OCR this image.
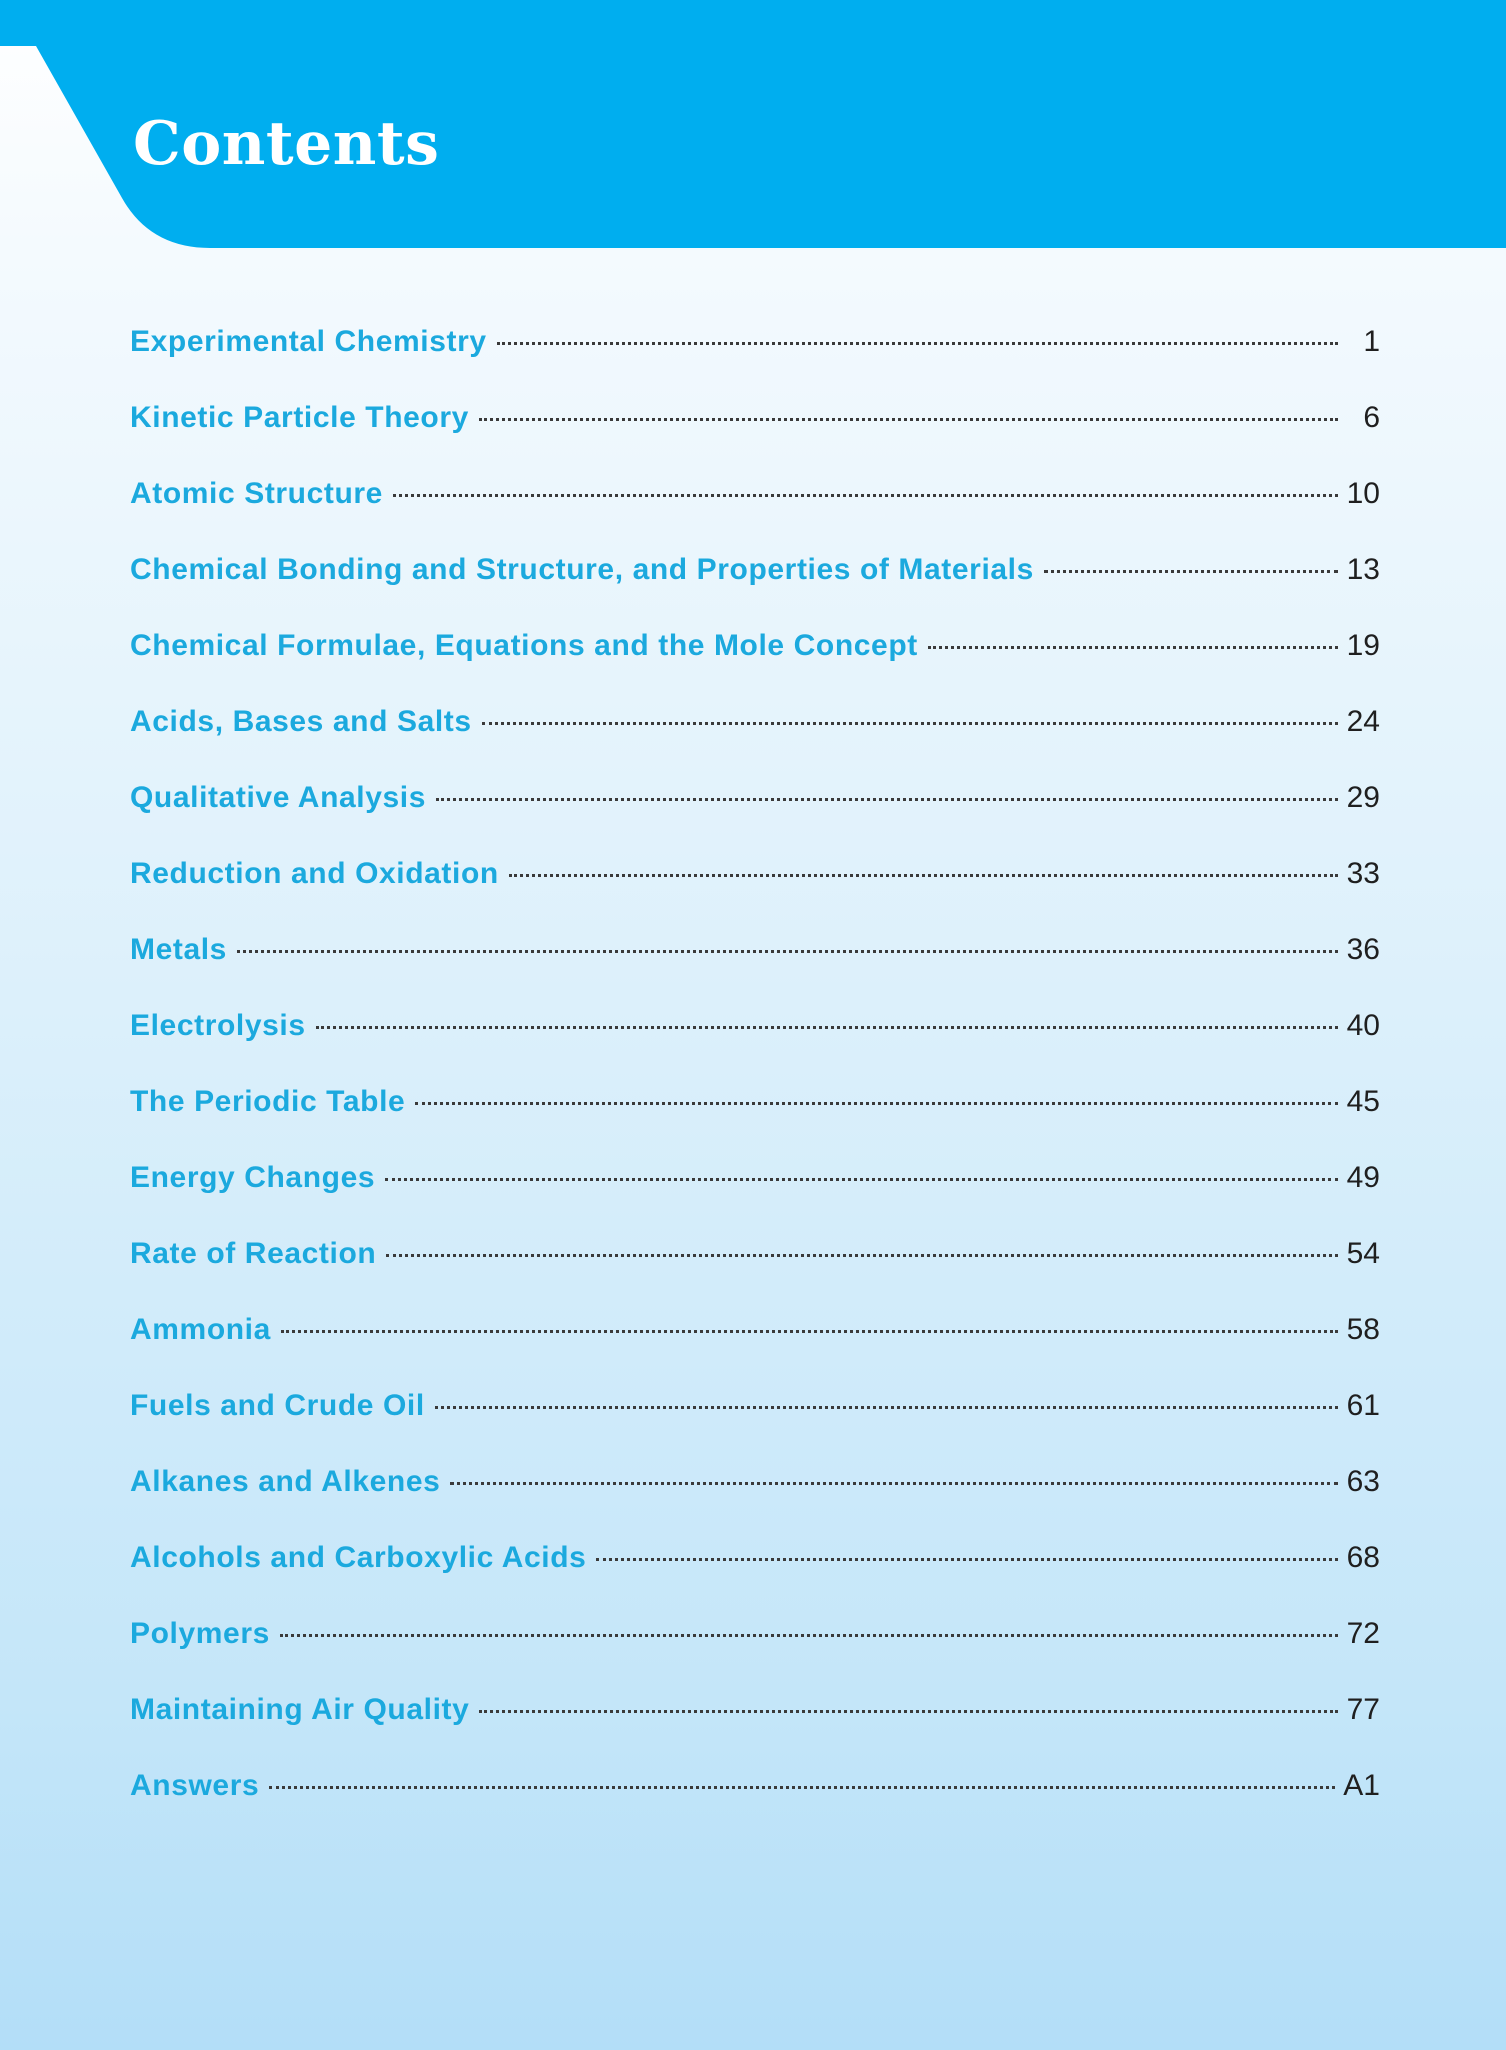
Contents
Experimental Chemistry	1
Kinetic Particle Theory	6
Atomic Structure	10
Chemical Bonding and Structure, and Properties of Materials	13
Chemical Formulae, Equations and the Mole Concept	19
Acids, Bases and Salts	24
Qualitative Analysis	29
Reduction and Oxidation	33
Metals	36
Electrolysis	40
The Periodic Table	45
Energy Changes	49
Rate of Reaction	54
Ammonia	58
Fuels and Crude Oil	61
Alkanes and Alkenes	63
Alcohols and Carboxylic Acids	68
Polymers	72
Maintaining Air Quality	77
Answers	A1
